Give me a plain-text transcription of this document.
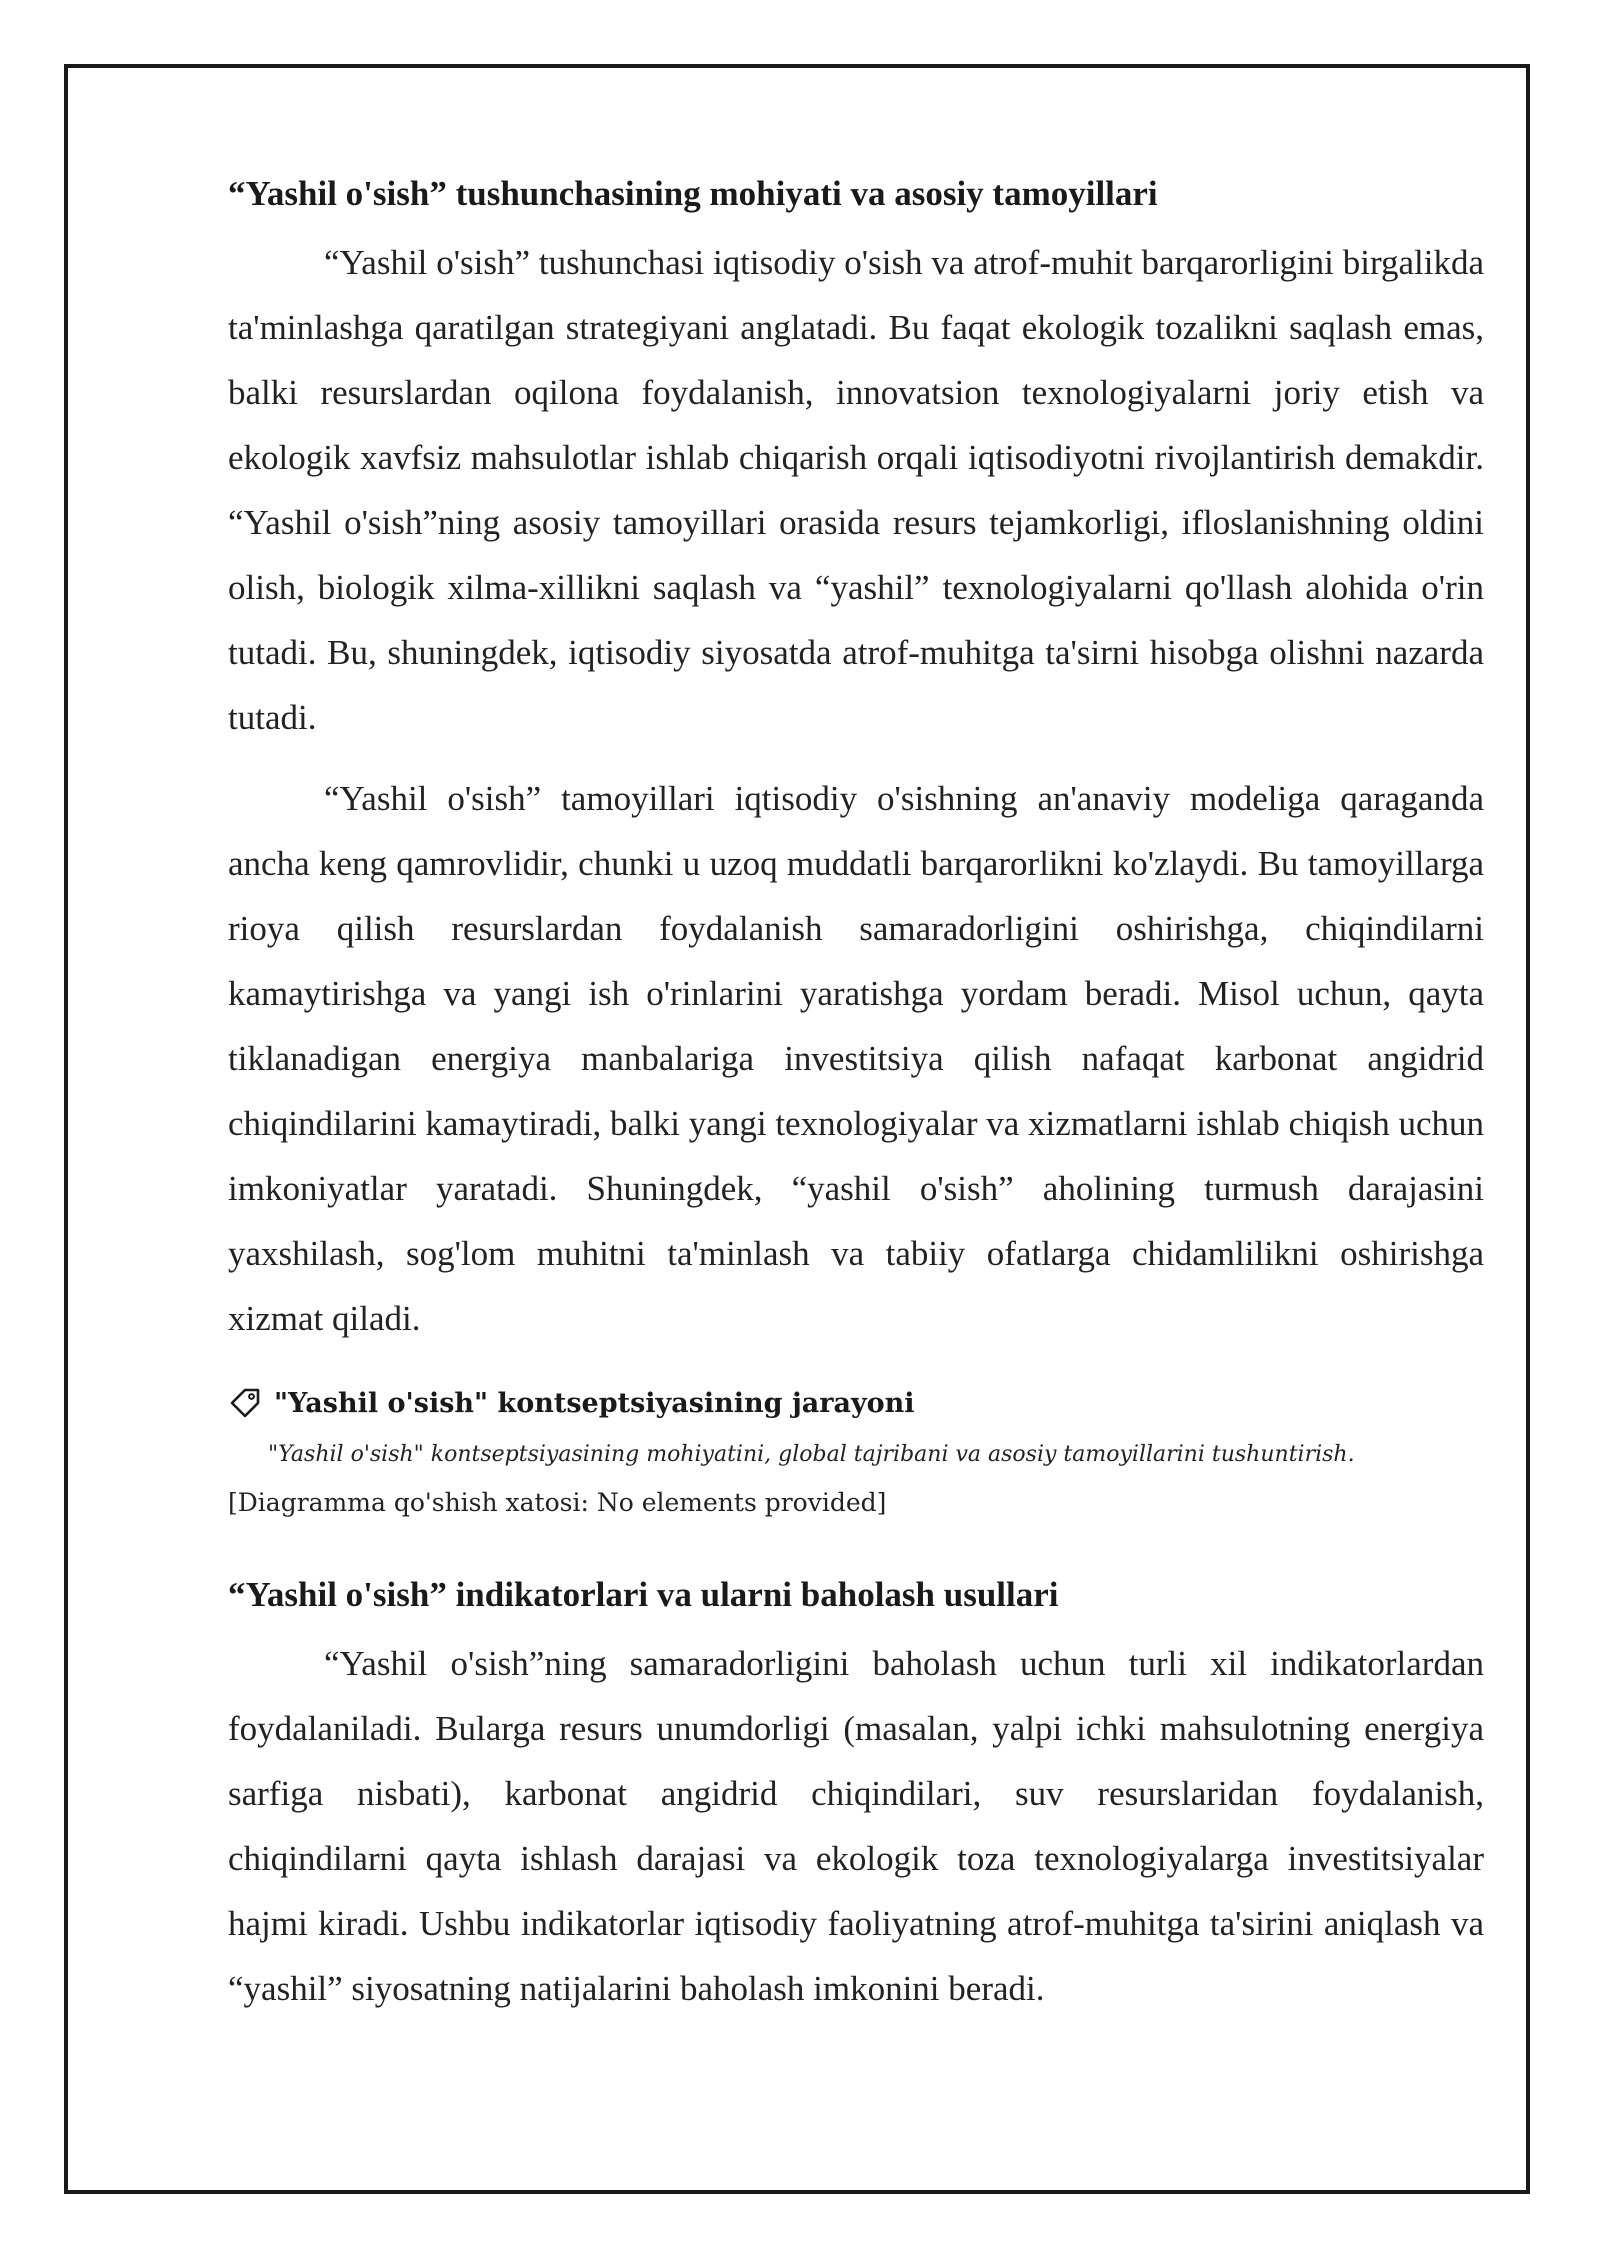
“Yashil o'sish” tushunchasining mohiyati va asosiy tamoyillari

“Yashil o'sish” tushunchasi iqtisodiy o'sish va atrof-muhit barqarorligini birgalikda ta'minlashga qaratilgan strategiyani anglatadi. Bu faqat ekologik tozalikni saqlash emas, balki resurslardan oqilona foydalanish, innovatsion texnologiyalarni joriy etish va ekologik xavfsiz mahsulotlar ishlab chiqarish orqali iqtisodiyotni rivojlantirish demakdir. “Yashil o'sish”ning asosiy tamoyillari orasida resurs tejamkorligi, ifloslanishning oldini olish, biologik xilma-xillikni saqlash va “yashil” texnologiyalarni qo'llash alohida o'rin tutadi. Bu, shuningdek, iqtisodiy siyosatda atrof-muhitga ta'sirni hisobga olishni nazarda tutadi.

“Yashil o'sish” tamoyillari iqtisodiy o'sishning an'anaviy modeliga qaraganda ancha keng qamrovlidir, chunki u uzoq muddatli barqarorlikni ko'zlaydi. Bu tamoyillarga rioya qilish resurslardan foydalanish samaradorligini oshirishga, chiqindilarni kamaytirishga va yangi ish o'rinlarini yaratishga yordam beradi. Misol uchun, qayta tiklanadigan energiya manbalariga investitsiya qilish nafaqat karbonat angidrid chiqindilarini kamaytiradi, balki yangi texnologiyalar va xizmatlarni ishlab chiqish uchun imkoniyatlar yaratadi. Shuningdek, “yashil o'sish” aholining turmush darajasini yaxshilash, sog'lom muhitni ta'minlash va tabiiy ofatlarga chidamlilikni oshirishga xizmat qiladi.

"Yashil o'sish" kontseptsiyasining jarayoni
"Yashil o'sish" kontseptsiyasining mohiyatini, global tajribani va asosiy tamoyillarini tushuntirish.
[Diagramma qo'shish xatosi: No elements provided]
“Yashil o'sish” indikatorlari va ularni baholash usullari

“Yashil o'sish”ning samaradorligini baholash uchun turli xil indikatorlardan foydalaniladi. Bularga resurs unumdorligi (masalan, yalpi ichki mahsulotning energiya sarfiga nisbati), karbonat angidrid chiqindilari, suv resurslaridan foydalanish, chiqindilarni qayta ishlash darajasi va ekologik toza texnologiyalarga investitsiyalar hajmi kiradi. Ushbu indikatorlar iqtisodiy faoliyatning atrof-muhitga ta'sirini aniqlash va “yashil” siyosatning natijalarini baholash imkonini beradi.
